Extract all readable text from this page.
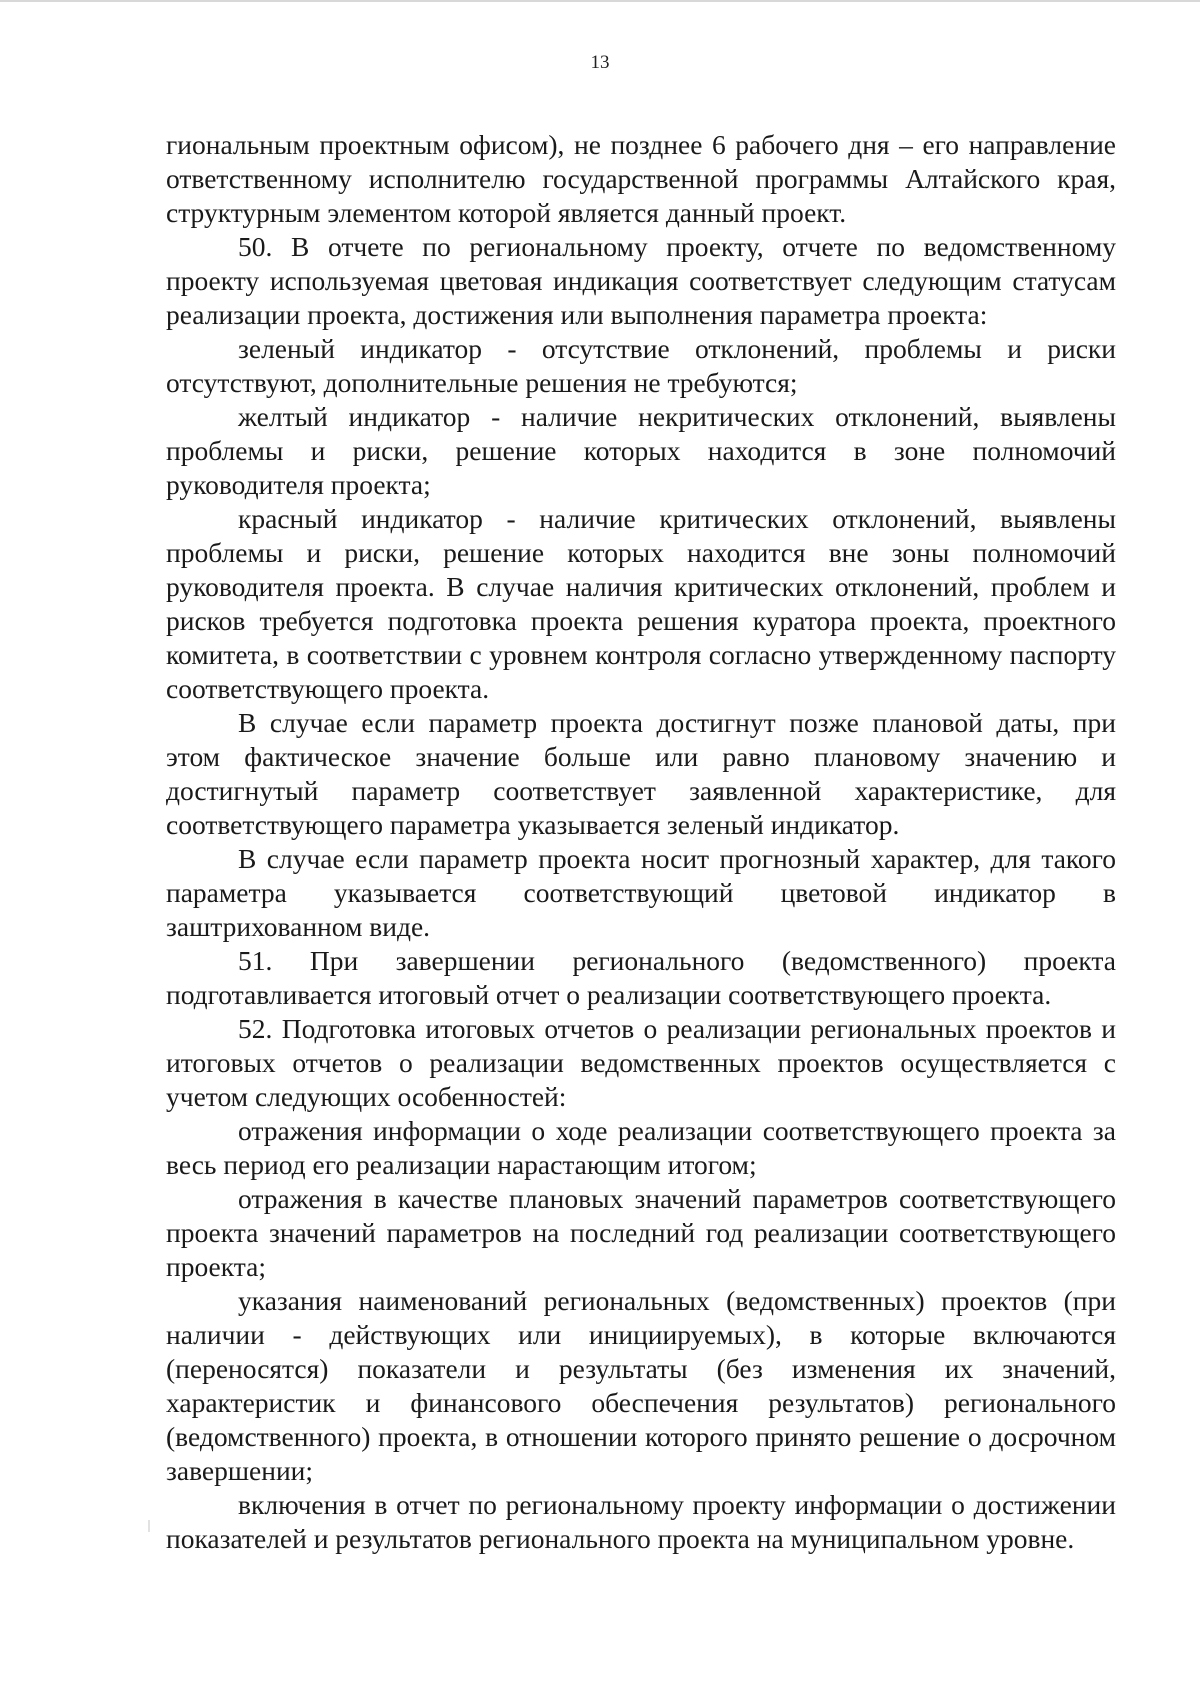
13

гиональным проектным офисом), не позднее 6 рабочего дня – его направление ответственному исполнителю государственной программы Алтайского края, структурным элементом которой является данный проект.

50. В отчете по региональному проекту, отчете по ведомственному проекту используемая цветовая индикация соответствует следующим статусам реализации проекта, достижения или выполнения параметра проекта:

зеленый индикатор - отсутствие отклонений, проблемы и риски отсутствуют, дополнительные решения не требуются;

желтый индикатор - наличие некритических отклонений, выявлены проблемы и риски, решение которых находится в зоне полномочий руководителя проекта;

красный индикатор - наличие критических отклонений, выявлены проблемы и риски, решение которых находится вне зоны полномочий руководителя проекта. В случае наличия критических отклонений, проблем и рисков требуется подготовка проекта решения куратора проекта, проектного комитета, в соответствии с уровнем контроля согласно утвержденному паспорту соответствующего проекта.

В случае если параметр проекта достигнут позже плановой даты, при этом фактическое значение больше или равно плановому значению и достигнутый параметр соответствует заявленной характеристике, для соответствующего параметра указывается зеленый индикатор.

В случае если параметр проекта носит прогнозный характер, для такого параметра указывается соответствующий цветовой индикатор в заштрихованном виде.

51. При завершении регионального (ведомственного) проекта подготавливается итоговый отчет о реализации соответствующего проекта.

52. Подготовка итоговых отчетов о реализации региональных проектов и итоговых отчетов о реализации ведомственных проектов осуществляется с учетом следующих особенностей:

отражения информации о ходе реализации соответствующего проекта за весь период его реализации нарастающим итогом;

отражения в качестве плановых значений параметров соответствующего проекта значений параметров на последний год реализации соответствующего проекта;

указания наименований региональных (ведомственных) проектов (при наличии - действующих или инициируемых), в которые включаются (переносятся) показатели и результаты (без изменения их значений, характеристик и финансового обеспечения результатов) регионального (ведомственного) проекта, в отношении которого принято решение о досрочном завершении;

включения в отчет по региональному проекту информации о достижении показателей и результатов регионального проекта на муниципальном уровне.
